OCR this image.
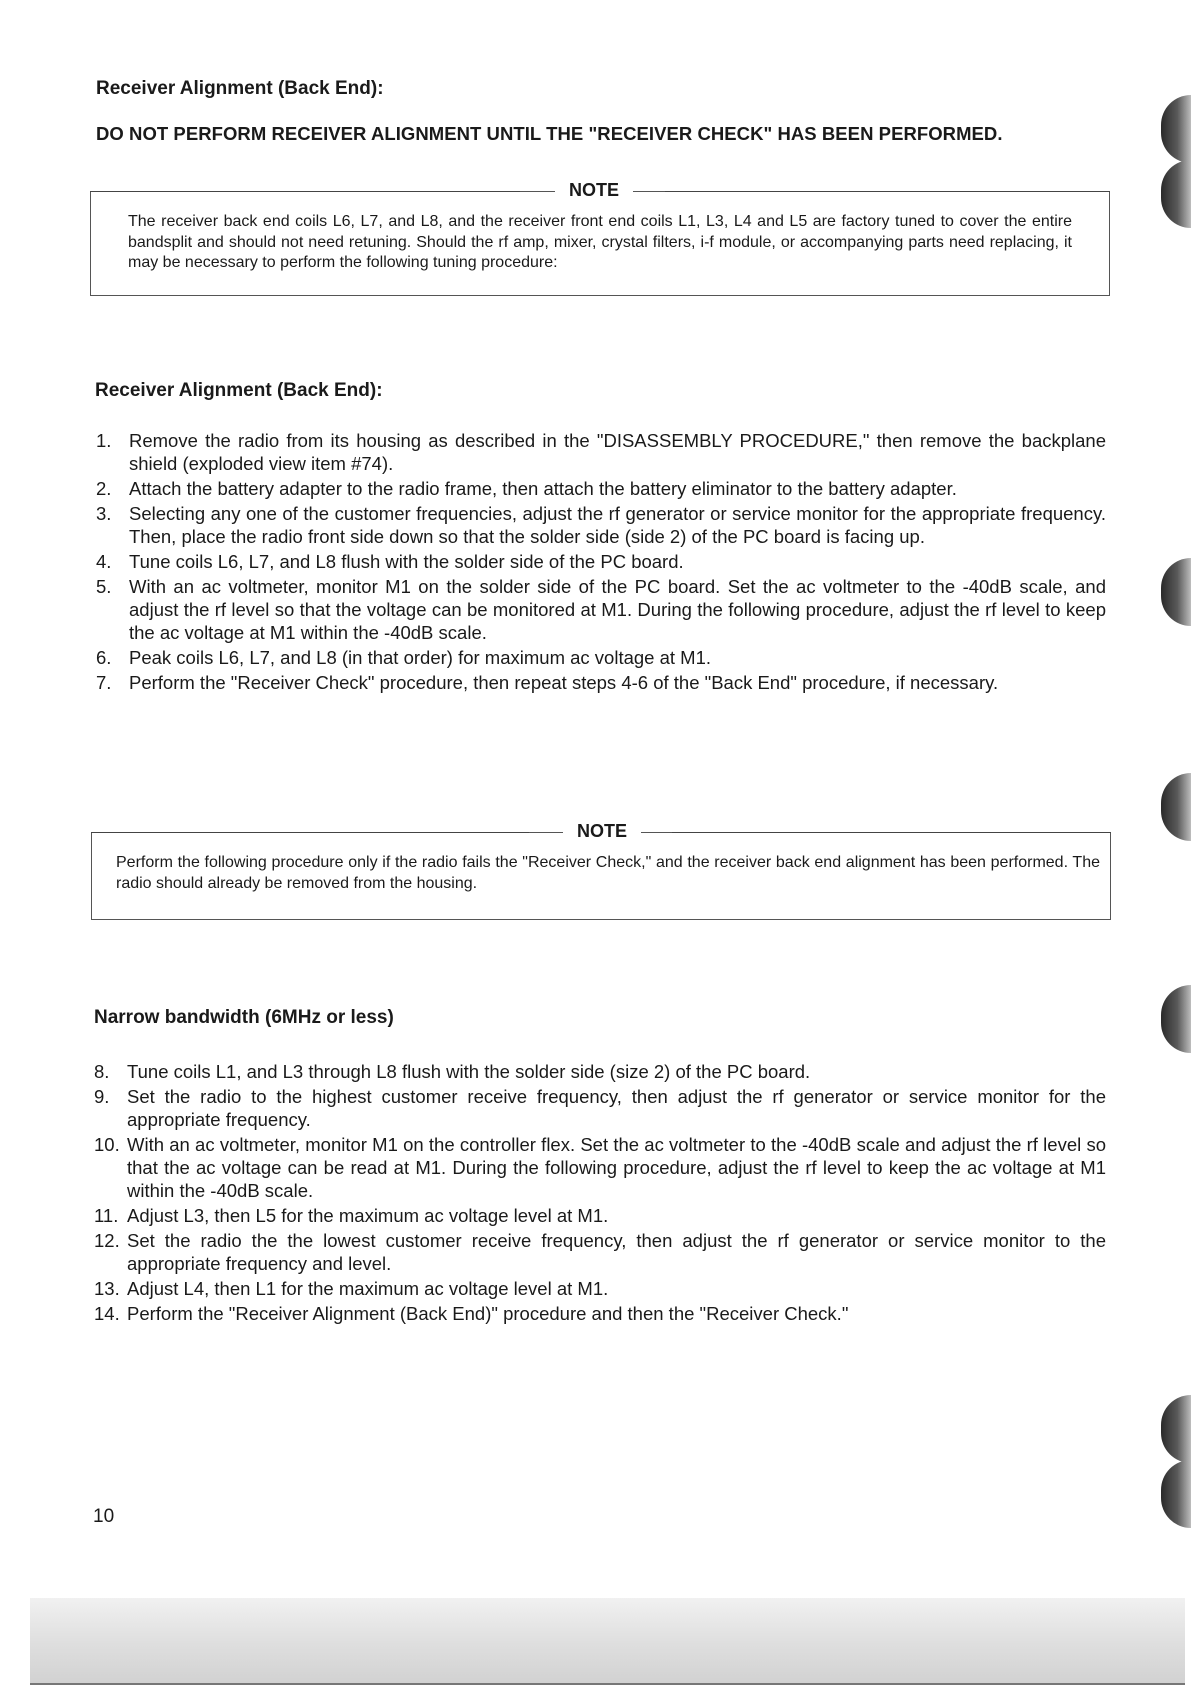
Receiver Alignment (Back End):

DO NOT PERFORM RECEIVER ALIGNMENT UNTIL THE "RECEIVER CHECK" HAS BEEN PERFORMED.

NOTE

The receiver back end coils L6, L7, and L8, and the receiver front end coils L1, L3, L4 and L5 are factory tuned to cover the entire bandsplit and should not need retuning. Should the rf amp, mixer, crystal filters, i-f module, or accompanying parts need replacing, it may be necessary to perform the following tuning procedure:

Receiver Alignment (Back End):
1. Remove the radio from its housing as described in the "DISASSEMBLY PROCEDURE," then remove the backplane shield (exploded view item #74).
2. Attach the battery adapter to the radio frame, then attach the battery eliminator to the battery adapter.
3. Selecting any one of the customer frequencies, adjust the rf generator or service monitor for the appropriate frequency. Then, place the radio front side down so that the solder side (side 2) of the PC board is facing up.
4. Tune coils L6, L7, and L8 flush with the solder side of the PC board.
5. With an ac voltmeter, monitor M1 on the solder side of the PC board. Set the ac voltmeter to the -40dB scale, and adjust the rf level so that the voltage can be monitored at M1. During the following procedure, adjust the rf level to keep the ac voltage at M1 within the -40dB scale.
6. Peak coils L6, L7, and L8 (in that order) for maximum ac voltage at M1.
7. Perform the "Receiver Check" procedure, then repeat steps 4-6 of the "Back End" procedure, if necessary.
NOTE

Perform the following procedure only if the radio fails the "Receiver Check," and the receiver back end alignment has been performed. The radio should already be removed from the housing.

Narrow bandwidth (6MHz or less)
8. Tune coils L1, and L3 through L8 flush with the solder side (size 2) of the PC board.
9. Set the radio to the highest customer receive frequency, then adjust the rf generator or service monitor for the appropriate frequency.
10. With an ac voltmeter, monitor M1 on the controller flex. Set the ac voltmeter to the -40dB scale and adjust the rf level so that the ac voltage can be read at M1. During the following procedure, adjust the rf level to keep the ac voltage at M1 within the -40dB scale.
11. Adjust L3, then L5 for the maximum ac voltage level at M1.
12. Set the radio the the lowest customer receive frequency, then adjust the rf generator or service monitor to the appropriate frequency and level.
13. Adjust L4, then L1 for the maximum ac voltage level at M1.
14. Perform the "Receiver Alignment (Back End)" procedure and then the "Receiver Check."
10
